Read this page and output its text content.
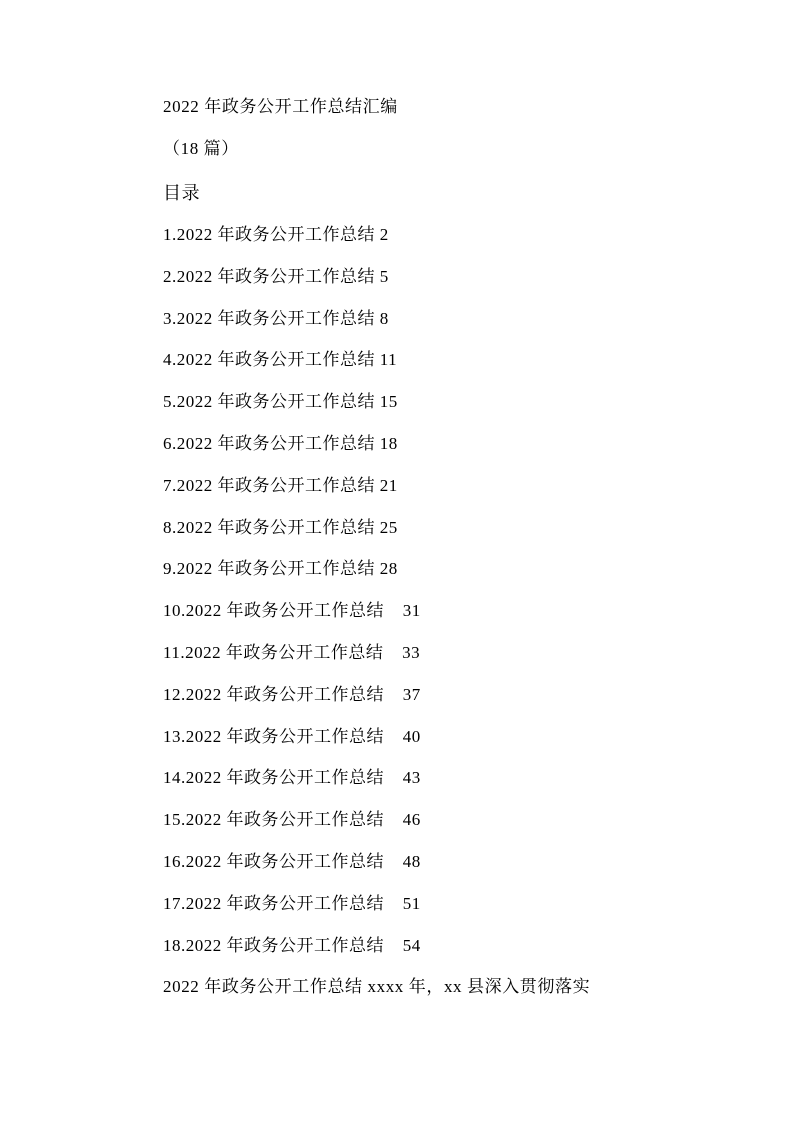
2022 年政务公开工作总结汇编
（18 篇）
目录
1.2022 年政务公开工作总结 2
2.2022 年政务公开工作总结 5
3.2022 年政务公开工作总结 8
4.2022 年政务公开工作总结 11
5.2022 年政务公开工作总结 15
6.2022 年政务公开工作总结 18
7.2022 年政务公开工作总结 21
8.2022 年政务公开工作总结 25
9.2022 年政务公开工作总结 28
10.2022 年政务公开工作总结 31
11.2022 年政务公开工作总结 33
12.2022 年政务公开工作总结 37
13.2022 年政务公开工作总结 40
14.2022 年政务公开工作总结 43
15.2022 年政务公开工作总结 46
16.2022 年政务公开工作总结 48
17.2022 年政务公开工作总结 51
18.2022 年政务公开工作总结 54
2022 年政务公开工作总结 xxxx 年，xx 县深入贯彻落实
